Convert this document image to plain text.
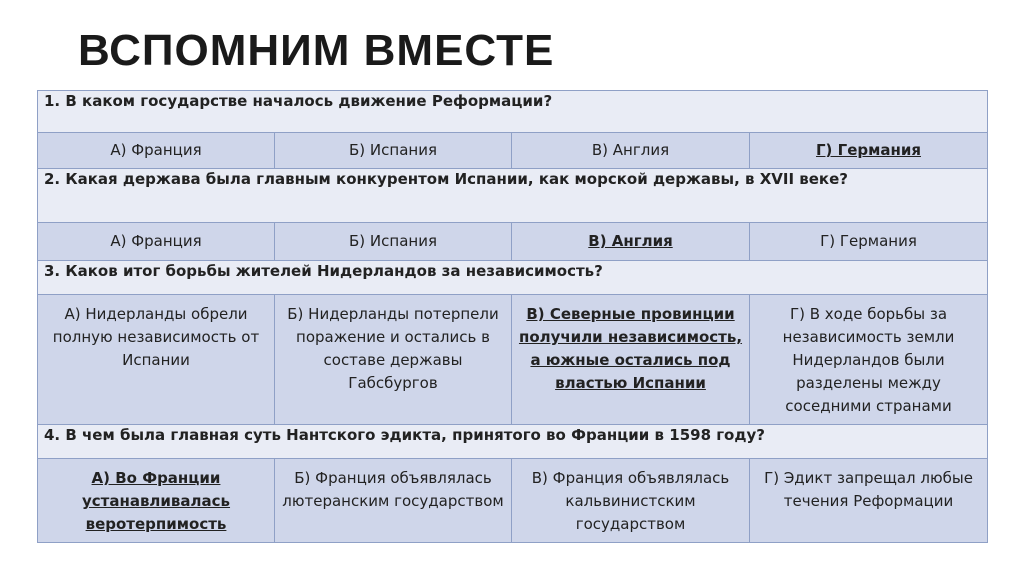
ВСПОМНИМ ВМЕСТЕ
1. В каком государстве началось движение Реформации?			
А) Франция	Б) Испания	В) Англия	Г) Германия
2. Какая держава была главным конкурентом Испании, как морской державы, в XVII веке?			
А) Франция	Б) Испания	В) Англия	Г) Германия
3. Каков итог борьбы жителей Нидерландов за независимость?			
А) Нидерланды обрели полную независимость от Испании	Б) Нидерланды потерпели поражение и остались в составе державы Габсбургов	В) Северные провинции получили независимость, а южные остались под властью Испании	Г) В ходе борьбы за независимость земли Нидерландов были разделены между соседними странами
4. В чем была главная суть Нантского эдикта, принятого во Франции в 1598 году?			
А) Во Франции устанавливалась веротерпимость	Б) Франция объявлялась лютеранским государством	В) Франция объявлялась кальвинистским государством	Г) Эдикт запрещал любые течения Реформации
